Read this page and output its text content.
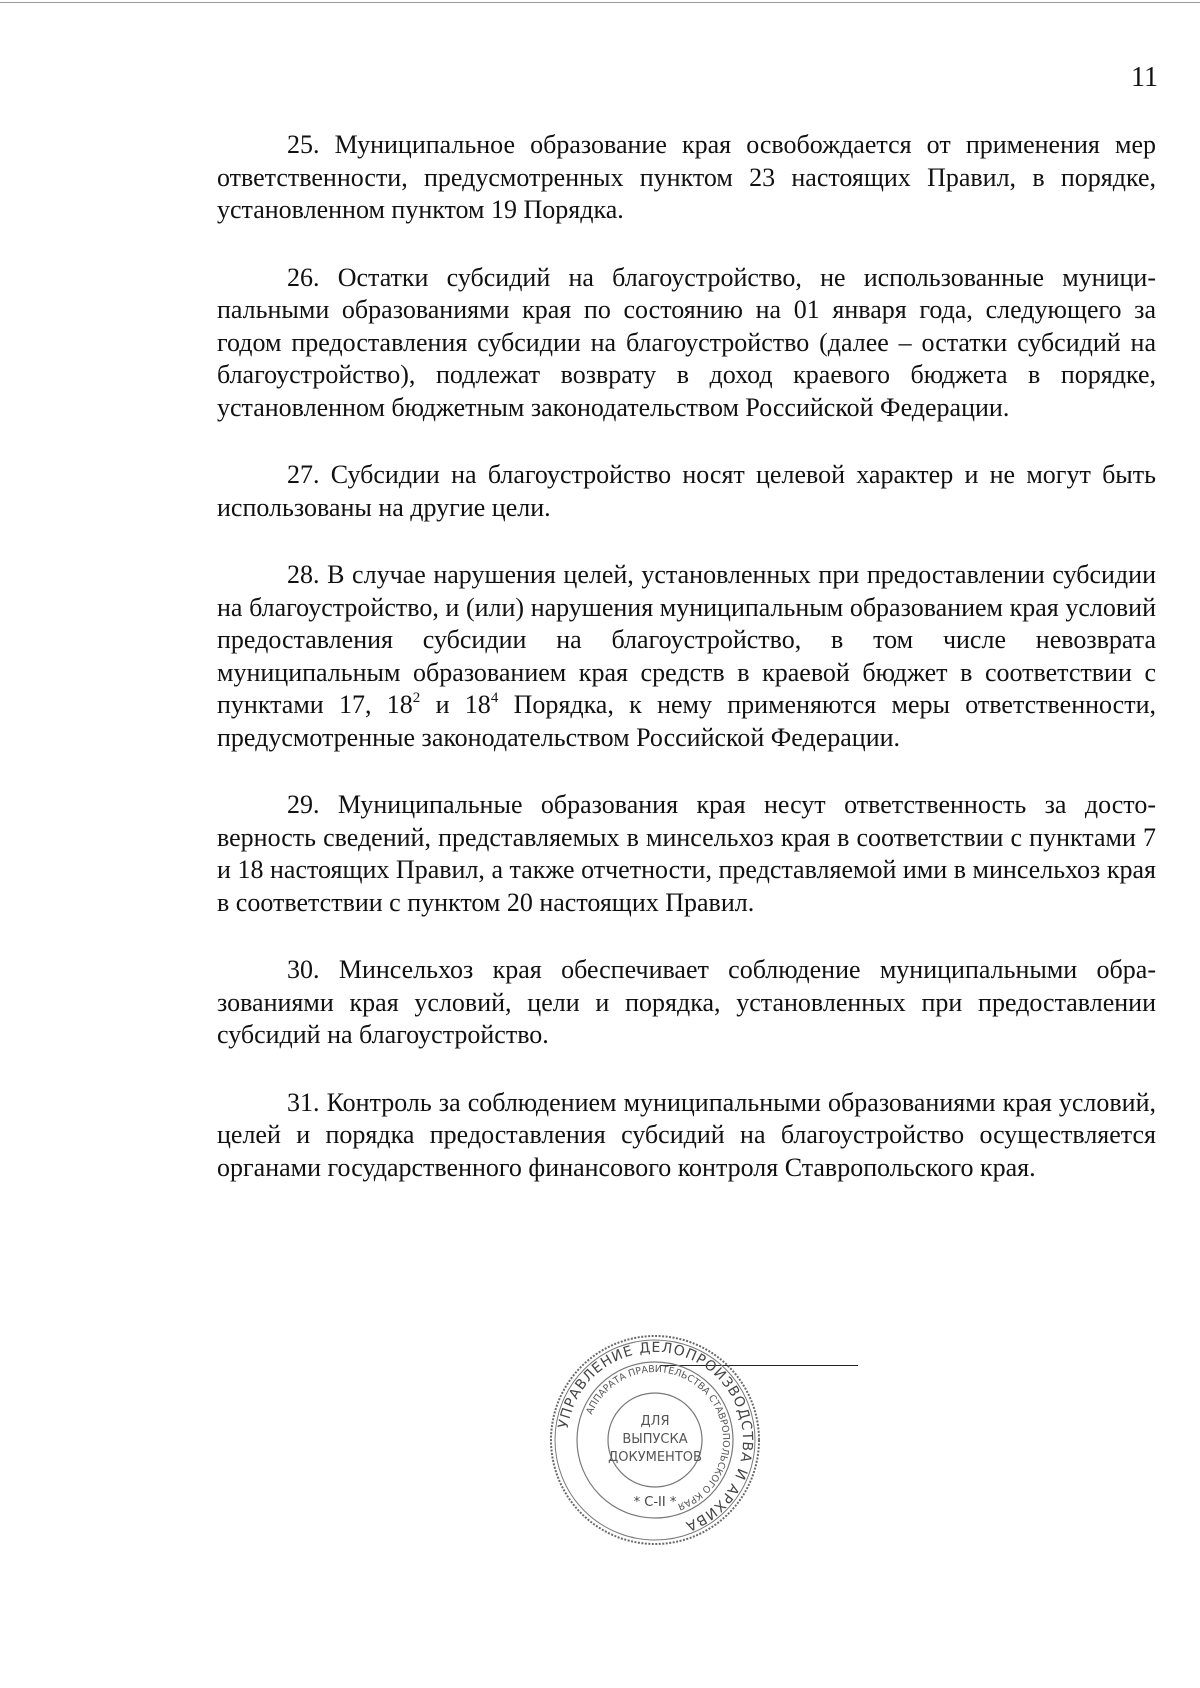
11

25. Муниципальное образование края освобождается от применения мер ответственности, предусмотренных пунктом 23 настоящих Правил, в порядке, установленном пунктом 19 Порядка.

26. Остатки субсидий на благоустройство, не использованные муниципальными образованиями края по состоянию на 01 января года, следующего за годом предоставления субсидии на благоустройство (далее – остатки субсидий на благоустройство), подлежат возврату в доход краевого бюджета в порядке, установленном бюджетным законодательством Российской Федерации.

27. Субсидии на благоустройство носят целевой характер и не могут быть использованы на другие цели.

28. В случае нарушения целей, установленных при предоставлении субсидии на благоустройство, и (или) нарушения муниципальным образованием края условий предоставления субсидии на благоустройство, в том числе невозврата муниципальным образованием края средств в краевой бюджет в соответствии с пунктами 17, $18^2$ и $18^4$ Порядка, к нему применяются меры ответственности, предусмотренные законодательством Российской Федерации.

29. Муниципальные образования края несут ответственность за достоверность сведений, представляемых в минсельхоз края в соответствии с пунктами 7 и 18 настоящих Правил, а также отчетности, представляемой ими в минсельхоз края в соответствии с пунктом 20 настоящих Правил.

30. Минсельхоз края обеспечивает соблюдение муниципальными образованиями края условий, цели и порядка, установленных при предоставлении субсидий на благоустройство.

31. Контроль за соблюдением муниципальными образованиями края условий, целей и порядка предоставления субсидий на благоустройство осуществляется органами государственного финансового контроля Ставропольского края.

УПРАВЛЕНИЕ ДЕЛОПРОИЗВОДСТВА И АРХИВА
АППАРАТА ПРАВИТЕЛЬСТВА СТАВРОПОЛЬСКОГО КРАЯ
ДЛЯ
ВЫПУСКА
ДОКУМЕНТОВ
* С-II *
